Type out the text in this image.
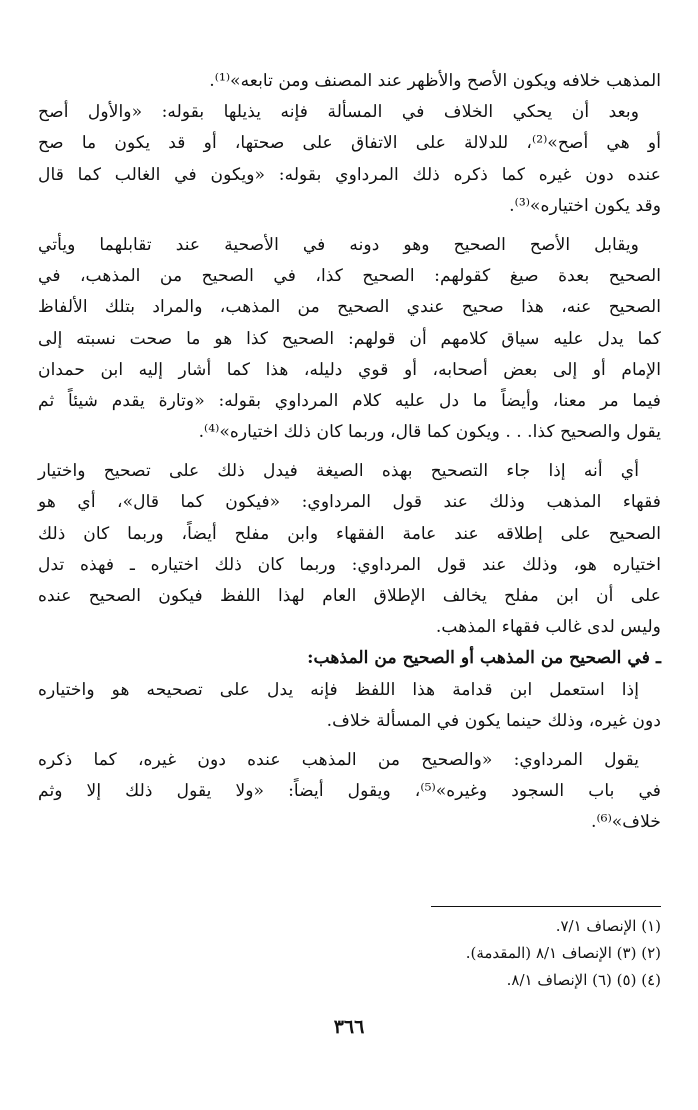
المذهب خلافه ويكون الأصح والأظهر عند المصنف ومن تابعه»⁽¹⁾.
وبعد أن يحكي الخلاف في المسألة فإنه يذيلها بقوله: «والأول أصح
أو هي أصح»⁽²⁾، للدلالة على الاتفاق على صحتها، أو قد يكون ما صح
عنده دون غيره كما ذكره ذلك المرداوي بقوله: «ويكون في الغالب كما قال
وقد يكون اختياره»⁽³⁾.
ويقابل الأصح الصحيح وهو دونه في الأصحية عند تقابلهما ويأتي
الصحيح بعدة صيغ كقولهم: الصحيح كذا، في الصحيح من المذهب، في
الصحيح عنه، هذا صحيح عندي الصحيح من المذهب، والمراد بتلك الألفاظ
كما يدل عليه سياق كلامهم أن قولهم: الصحيح كذا هو ما صحت نسبته إلى
الإمام أو إلى بعض أصحابه، أو قوي دليله، هذا كما أشار إليه ابن حمدان
فيما مر معنا، وأيضاً ما دل عليه كلام المرداوي بقوله: «وتارة يقدم شيئاً ثم
يقول والصحيح كذا. . . ويكون كما قال، وربما كان ذلك اختياره»⁽⁴⁾.
أي أنه إذا جاء التصحيح بهذه الصيغة فيدل ذلك على تصحيح واختيار
فقهاء المذهب وذلك عند قول المرداوي: «فيكون كما قال»، أي هو
الصحيح على إطلاقه عند عامة الفقهاء وابن مفلح أيضاً، وربما كان ذلك
اختياره هو، وذلك عند قول المرداوي: وربما كان ذلك اختياره ـ فهذه تدل
على أن ابن مفلح يخالف الإطلاق العام لهذا اللفظ فيكون الصحيح عنده
وليس لدى غالب فقهاء المذهب.
ـ في الصحيح من المذهب أو الصحيح من المذهب:
إذا استعمل ابن قدامة هذا اللفظ فإنه يدل على تصحيحه هو واختياره
دون غيره، وذلك حينما يكون في المسألة خلاف.
يقول المرداوي: «والصحيح من المذهب عنده دون غيره، كما ذكره
في باب السجود وغيره»⁽⁵⁾، ويقول أيضاً: «ولا يقول ذلك إلا وثم
خلاف»⁽⁶⁾.
(١) الإنصاف ٧/١.
(٢) (٣) الإنصاف ٨/١ (المقدمة).
(٤) (٥) (٦) الإنصاف ٨/١.
٣٦٦
